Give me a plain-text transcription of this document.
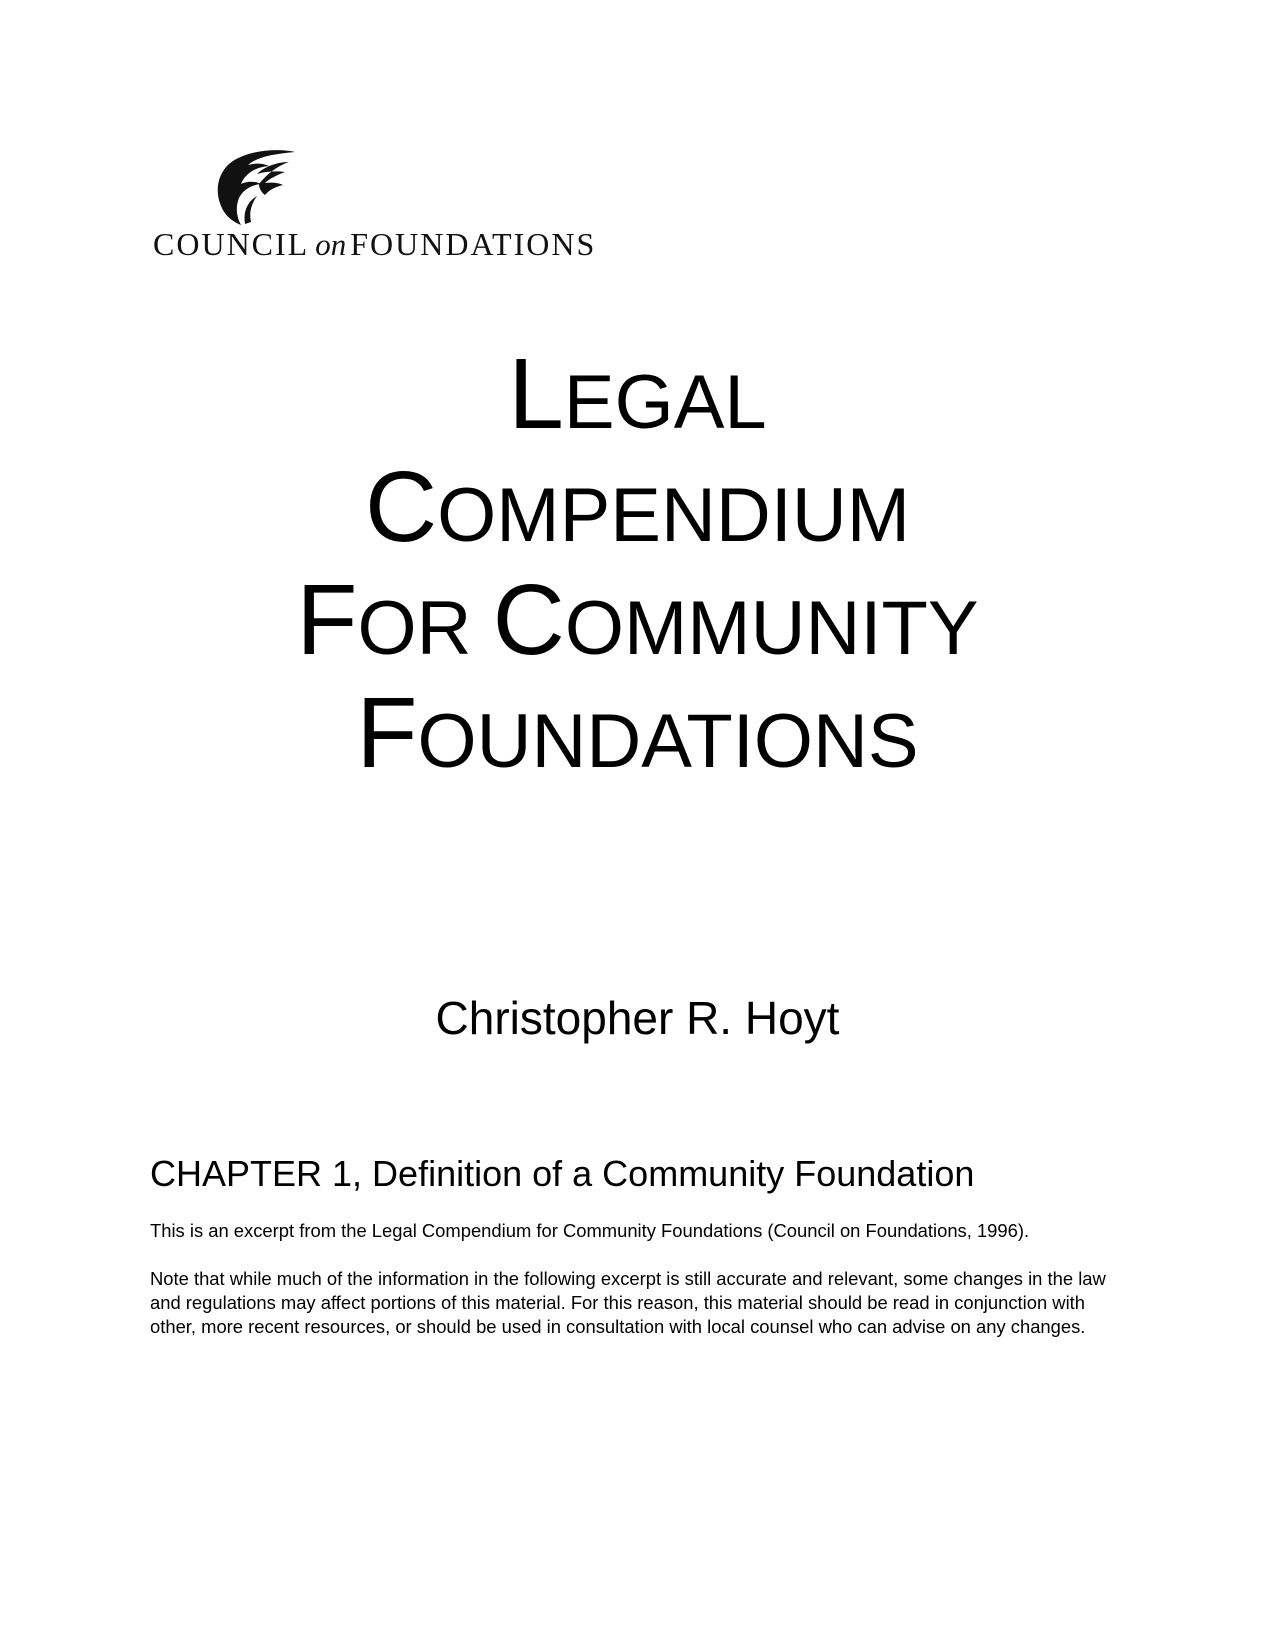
COUNCIL on FOUNDATIONS
LEGAL
COMPENDIUM
FOR COMMUNITY
FOUNDATIONS
Christopher R. Hoyt
CHAPTER 1, Definition of a Community Foundation

This is an excerpt from the Legal Compendium for Community Foundations (Council on Foundations, 1996).

Note that while much of the information in the following excerpt is still accurate and relevant, some changes in the law and regulations may affect portions of this material. For this reason, this material should be read in conjunction with other, more recent resources, or should be used in consultation with local counsel who can advise on any changes.
